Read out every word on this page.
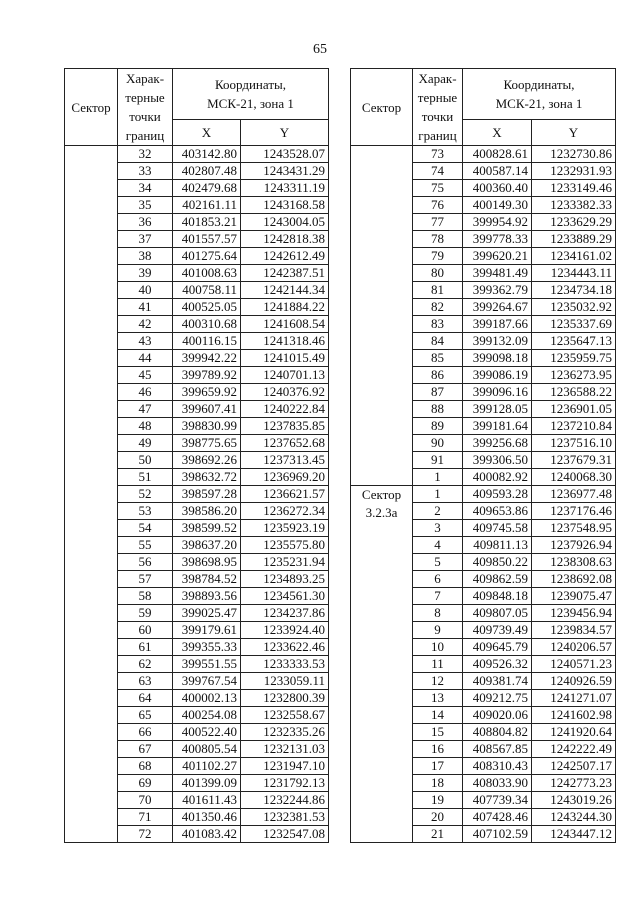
65
Сектор	Харак-
терные
точки
границ	Координаты,
МСК-21, зона 1	

		X	Y
	32	403142.80	1243528.07
	33	402807.48	1243431.29
	34	402479.68	1243311.19
	35	402161.11	1243168.58
	36	401853.21	1243004.05
	37	401557.57	1242818.38
	38	401275.64	1242612.49
	39	401008.63	1242387.51
	40	400758.11	1242144.34
	41	400525.05	1241884.22
	42	400310.68	1241608.54
	43	400116.15	1241318.46
	44	399942.22	1241015.49
	45	399789.92	1240701.13
	46	399659.92	1240376.92
	47	399607.41	1240222.84
	48	398830.99	1237835.85
	49	398775.65	1237652.68
	50	398692.26	1237313.45
	51	398632.72	1236969.20
	52	398597.28	1236621.57
	53	398586.20	1236272.34
	54	398599.52	1235923.19
	55	398637.20	1235575.80
	56	398698.95	1235231.94
	57	398784.52	1234893.25
	58	398893.56	1234561.30
	59	399025.47	1234237.86
	60	399179.61	1233924.40
	61	399355.33	1233622.46
	62	399551.55	1233333.53
	63	399767.54	1233059.11
	64	400002.13	1232800.39
	65	400254.08	1232558.67
	66	400522.40	1232335.26
	67	400805.54	1232131.03
	68	401102.27	1231947.10
	69	401399.09	1231792.13
	70	401611.43	1232244.86
	71	401350.46	1232381.53
	72	401083.42	1232547.08
Сектор	Харак-
терные
точки
границ	Координаты,
МСК-21, зона 1	

		X	Y
	73	400828.61	1232730.86
	74	400587.14	1232931.93
	75	400360.40	1233149.46
	76	400149.30	1233382.33
	77	399954.92	1233629.29
	78	399778.33	1233889.29
	79	399620.21	1234161.02
	80	399481.49	1234443.11
	81	399362.79	1234734.18
	82	399264.67	1235032.92
	83	399187.66	1235337.69
	84	399132.09	1235647.13
	85	399098.18	1235959.75
	86	399086.19	1236273.95
	87	399096.16	1236588.22
	88	399128.05	1236901.05
	89	399181.64	1237210.84
	90	399256.68	1237516.10
	91	399306.50	1237679.31
	1	400082.92	1240068.30

Сектор
3.2.3а	1	409593.28	1236977.48
	2	409653.86	1237176.46
	3	409745.58	1237548.95
	4	409811.13	1237926.94
	5	409850.22	1238308.63
	6	409862.59	1238692.08
	7	409848.18	1239075.47
	8	409807.05	1239456.94
	9	409739.49	1239834.57
	10	409645.79	1240206.57
	11	409526.32	1240571.23
	12	409381.74	1240926.59
	13	409212.75	1241271.07
	14	409020.06	1241602.98
	15	408804.82	1241920.64
	16	408567.85	1242222.49
	17	408310.43	1242507.17
	18	408033.90	1242773.23
	19	407739.34	1243019.26
	20	407428.46	1243244.30
	21	407102.59	1243447.12
